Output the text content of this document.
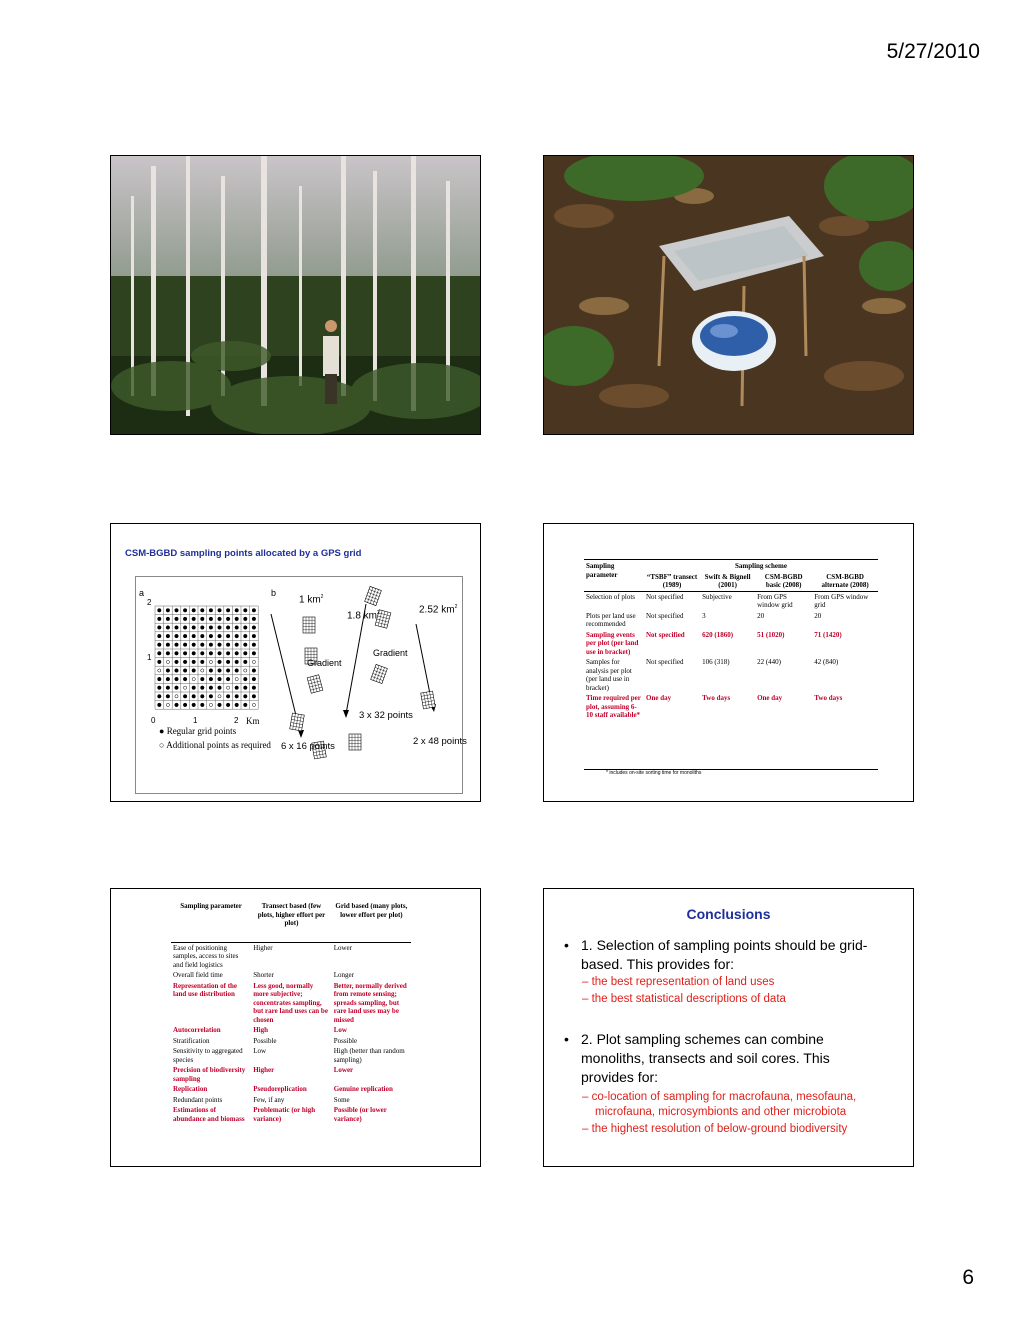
5/27/2010
CSM-BGBD sampling points allocated by a GPS grid
a
2
1
0	1	2 Km
● Regular grid points
○ Additional points as required
b
1 $km^2$
1.8 $km^2$	2.52 $km^2$
Gradient
Gradient
6 x 16 points
3 x 32 points
2 x 48 points
Sampling parameter	Sampling scheme			
	“TSBF” transect (1989)	Swift & Bignell (2001)	CSM-BGBD basic (2008)	CSM-BGBD alternate (2008)
Selection of plots	Not specified	Subjective	From GPS window grid	From GPS window grid
Plots per land use recommended	Not specified	3	20	20
Sampling events per plot (per land use in bracket)	Not specified	620 (1860)	51 (1020)	71 (1420)
Samples for analysis per plot (per land use in bracket)	Not specified	106 (318)	22 (440)	42 (840)
Time required per plot, assuming 6-10 staff available*	One day	Two days	One day	Two days
* includes on-site sorting time for monoliths
Sampling parameter	Transect based (few plots, higher effort per plot)	Grid based (many plots, lower effort per plot)
Ease of positioning samples, access to sites and field logistics	Higher	Lower
Overall field time	Shorter	Longer
Representation of the land use distribution	Less good, normally more subjective; concentrates sampling, but rare land uses can be chosen	Better, normally derived from remote sensing; spreads sampling, but rare land uses may be missed
Autocorrelation	High	Low
Stratification	Possible	Possible
Sensitivity to aggregated species	Low	High (better than random sampling)
Precision of biodiversity sampling	Higher	Lower
Replication	Pseudoreplication	Genuine replication
Redundant points	Few, if any	Some
Estimations of abundance and biomass	Problematic (or high variance)	Possible (or lower variance)
Conclusions
• 1. Selection of sampling points should be grid-
based. This provides for:
– the best representation of land uses
– the best statistical descriptions of data
• 2. Plot sampling schemes can combine
monoliths, transects and soil cores. This
provides for:
– co-location of sampling for macrofauna, mesofauna,
microfauna, microsymbionts and other microbiota
– the highest resolution of below-ground biodiversity
6
